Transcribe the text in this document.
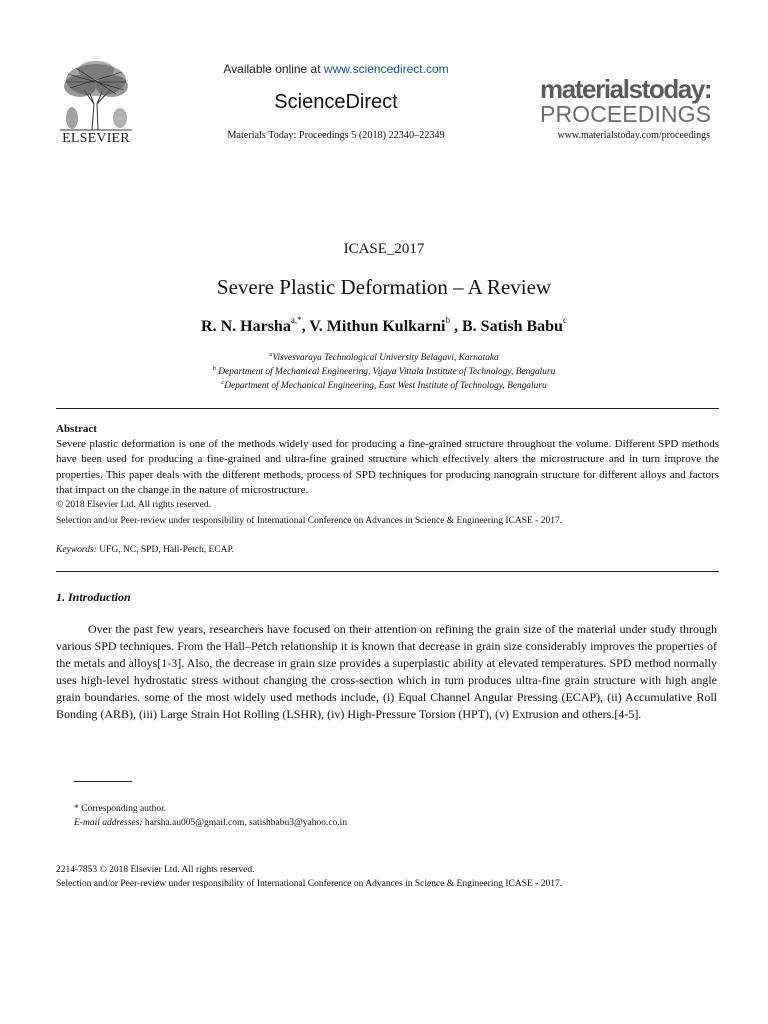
ELSEVIER
Available online at www.sciencedirect.com
ScienceDirect
Materials Today: Proceedings 5 (2018) 22340–22349
materialstoday:
PROCEEDINGS
www.materialstoday.com/proceedings
ICASE_2017
Severe Plastic Deformation – A Review
R. N. Harsha$^{a,*}$, V. Mithun Kulkarni$^b$ , B. Satish Babu$^c$
$^a$Visvesvaraya Technological University Belagavi, Karnataka
$^b$ Department of Mechanical Engineering, Vijaya Vittala Institute of Technology, Bengaluru
$^c$Department of Mechanical Engineering, East West Institute of Technology, Bengaluru
Abstract
Severe plastic deformation is one of the methods widely used for producing a fine-grained structure throughout the volume. Different SPD methods have been used for producing a fine-grained and ultra-fine grained structure which effectively alters the microstructure and in turn improve the properties. This paper deals with the different methods, process of SPD techniques for producing nanograin structure for different alloys and factors that impact on the change in the nature of microstructure.
© 2018 Elsevier Ltd. All rights reserved.
Selection and/or Peer-review under responsibility of International Conference on Advances in Science & Engineering ICASE - 2017.
Keywords: UFG, NC, SPD, Hall-Petch, ECAP.
1. Introduction
Over the past few years, researchers have focused on their attention on refining the grain size of the material under study through various SPD techniques. From the Hall–Petch relationship it is known that decrease in grain size considerably improves the properties of the metals and alloys[1-3]. Also, the decrease in grain size provides a superplastic ability at elevated temperatures. SPD method normally uses high-level hydrostatic stress without changing the cross-section which in turn produces ultra-fine grain structure with high angle grain boundaries. some of the most widely used methods include, (i) Equal Channel Angular Pressing (ECAP), (ii) Accumulative Roll Bonding (ARB), (iii) Large Strain Hot Rolling (LSHR), (iv) High-Pressure Torsion (HPT), (v) Extrusion and others.[4-5].
* Corresponding author.
E-mail addresses: harsha.au005@gmail.com, satishbabu3@yahoo.co.in
2214-7853 © 2018 Elsevier Ltd. All rights reserved.
Selection and/or Peer-review under responsibility of International Conference on Advances in Science & Engineering ICASE - 2017.
